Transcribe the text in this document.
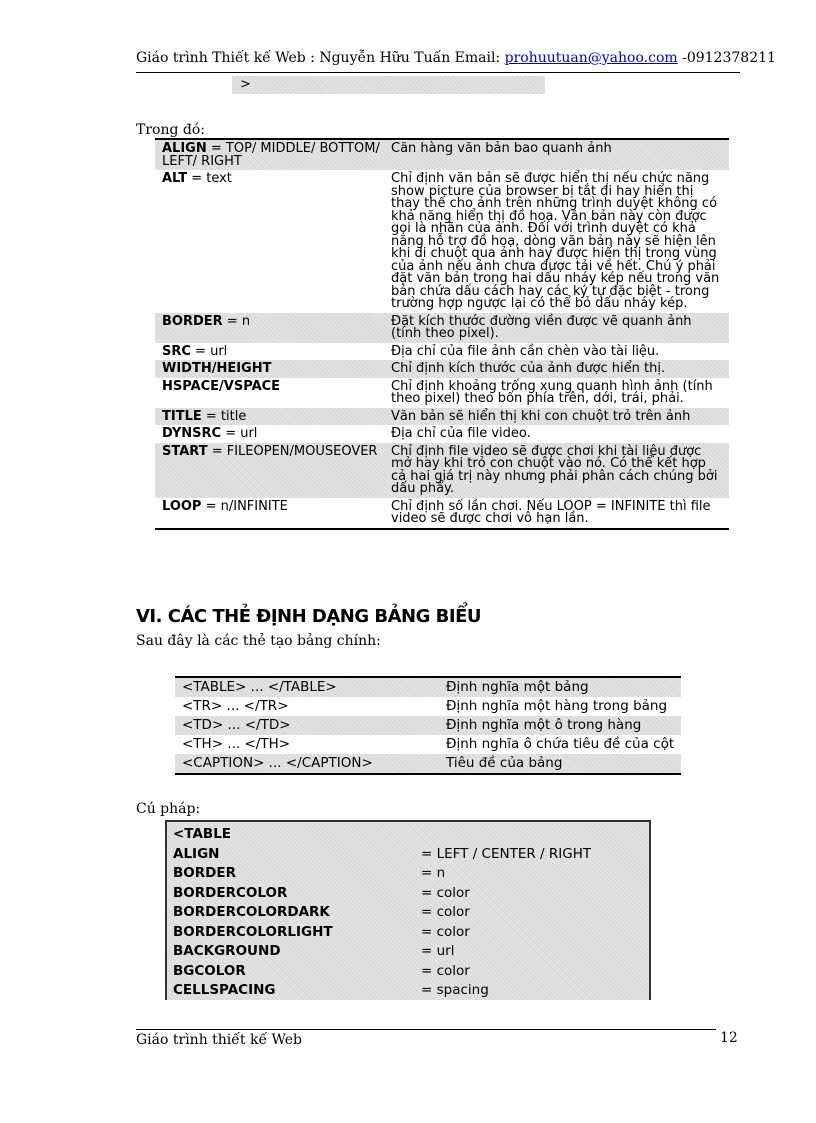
Giáo trình Thiết kế Web : Nguyễn Hữu Tuấn Email: prohuutuan@yahoo.com -0912378211
>
Trong đó:
ALIGN = TOP/ MIDDLE/ BOTTOM/ LEFT/ RIGHT	Căn hàng văn bản bao quanh ảnh
ALT = text	Chỉ định văn bản sẽ được hiển thị nếu chức năng show picture của browser bị tắt đi hay hiển thị thay thế cho ảnh trên những trình duyệt không có khả năng hiển thị đồ hoạ. Văn bản này còn được gọi là nhãn của ảnh. Đối với trình duyệt có khả năng hỗ trợ đồ hoạ, dòng văn bản này sẽ hiện lên khi di chuột qua ảnh hay được hiển thị trong vùng của ảnh nếu ảnh chưa được tải về hết. Chú ý phải đặt văn bản trong hai dấu nháy kép nếu trong văn bản chứa dấu cách hay các ký tự đặc biệt - trong trường hợp ngược lại có thể bỏ dấu nháy kép.
BORDER = n	Đặt kích thước đường viền được vẽ quanh ảnh (tính theo pixel).
SRC = url	Địa chỉ của file ảnh cần chèn vào tài liệu.
WIDTH/HEIGHT	Chỉ định kích thước của ảnh được hiển thị.
HSPACE/VSPACE	Chỉ định khoảng trống xung quanh hình ảnh (tính theo pixel) theo bốn phía trên, dới, trái, phải.
TITLE = title	Văn bản sẽ hiển thị khi con chuột trỏ trên ảnh
DYNSRC = url	Địa chỉ của file video.
START = FILEOPEN/MOUSEOVER	Chỉ định file video sẽ được chơi khi tài liệu được mở hay khi trỏ con chuột vào nó. Có thể kết hợp cả hai giá trị này nhưng phải phân cách chúng bởi dấu phẩy.
LOOP = n/INFINITE	Chỉ định số lần chơi. Nếu LOOP = INFINITE thì file video sẽ được chơi vô hạn lần.
VI. CÁC THẺ ĐỊNH DẠNG BẢNG BIỂU
Sau đây là các thẻ tạo bảng chính:
<TABLE> ... </TABLE>	Định nghĩa một bảng
<TR> ... </TR>	Định nghĩa một hàng trong bảng
<TD> ... </TD>	Định nghĩa một ô trong hàng
<TH> ... </TH>	Định nghĩa ô chứa tiêu đề của cột
<CAPTION> ... </CAPTION>	Tiêu đề của bảng
Cú pháp:
<TABLE	
ALIGN	= LEFT / CENTER / RIGHT
BORDER	= n
BORDERCOLOR	= color
BORDERCOLORDARK	= color
BORDERCOLORLIGHT	= color
BACKGROUND	= url
BGCOLOR	= color
CELLSPACING	= spacing
Giáo trình thiết kế Web	12
